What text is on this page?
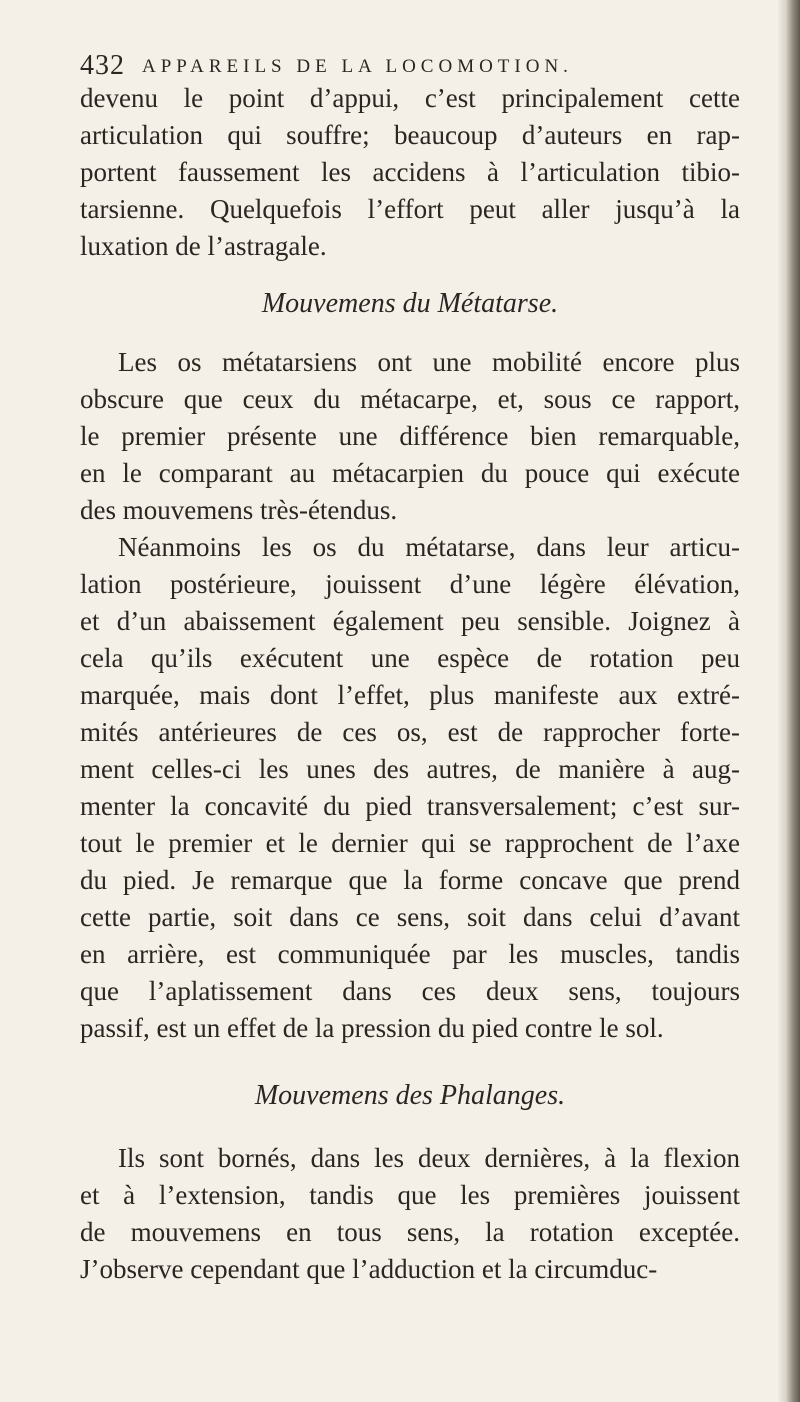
432 APPAREILS DE LA LOCOMOTION.
devenu le point d’appui, c’est principalement cette
articulation qui souffre; beaucoup d’auteurs en rap-
portent faussement les accidens à l’articulation tibio-
tarsienne. Quelquefois l’effort peut aller jusqu’à la
luxation de l’astragale.
Mouvemens du Métatarse.
Les os métatarsiens ont une mobilité encore plus
obscure que ceux du métacarpe, et, sous ce rapport,
le premier présente une différence bien remarquable,
en le comparant au métacarpien du pouce qui exécute
des mouvemens très-étendus.
Néanmoins les os du métatarse, dans leur articu-
lation postérieure, jouissent d’une légère élévation,
et d’un abaissement également peu sensible. Joignez à
cela qu’ils exécutent une espèce de rotation peu
marquée, mais dont l’effet, plus manifeste aux extré-
mités antérieures de ces os, est de rapprocher forte-
ment celles-ci les unes des autres, de manière à aug-
menter la concavité du pied transversalement; c’est sur-
tout le premier et le dernier qui se rapprochent de l’axe
du pied. Je remarque que la forme concave que prend
cette partie, soit dans ce sens, soit dans celui d’avant
en arrière, est communiquée par les muscles, tandis
que l’aplatissement dans ces deux sens, toujours
passif, est un effet de la pression du pied contre le sol.
Mouvemens des Phalanges.
Ils sont bornés, dans les deux dernières, à la flexion
et à l’extension, tandis que les premières jouissent
de mouvemens en tous sens, la rotation exceptée.
J’observe cependant que l’adduction et la circumduc-
